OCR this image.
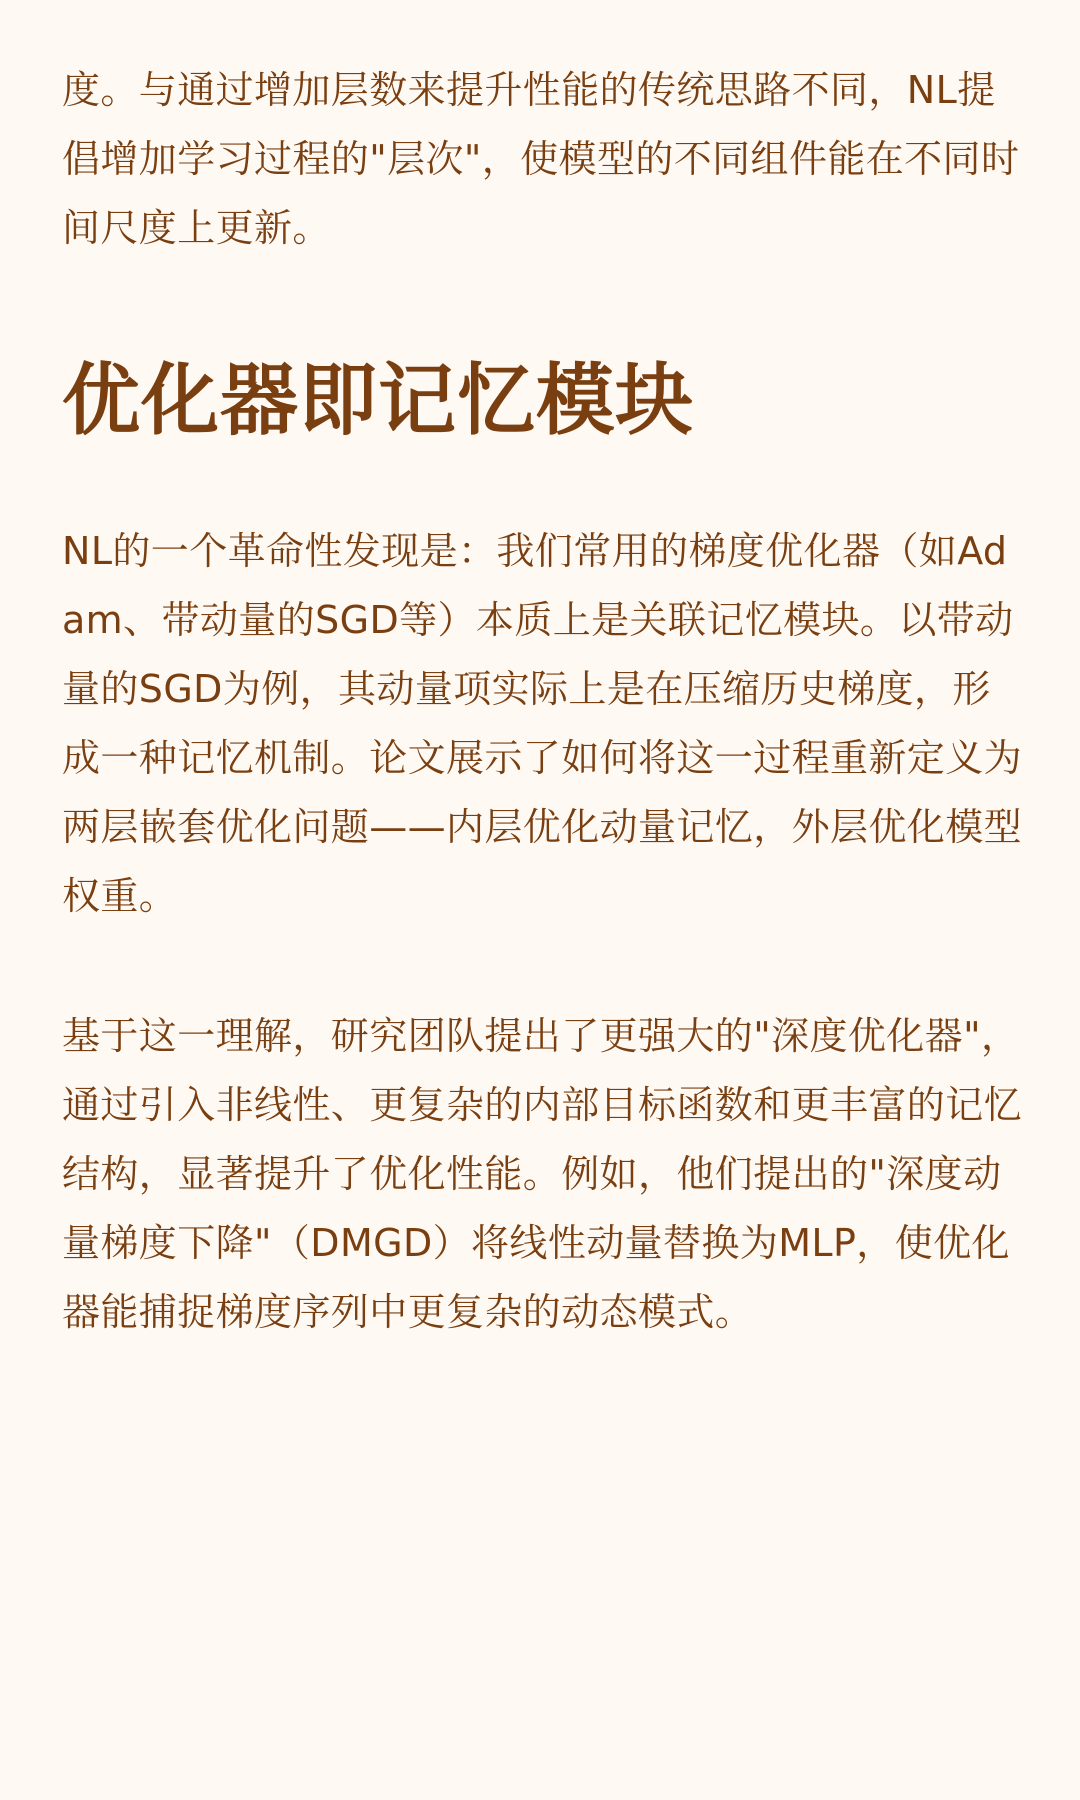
度。与通过增加层数来提升性能的传统思路不同，NL提倡增加学习过程的"层次"，使模型的不同组件能在不同时间尺度上更新。

优化器即记忆模块

NL的一个革命性发现是：我们常用的梯度优化器（如Adam、带动量的SGD等）本质上是关联记忆模块。以带动量的SGD为例，其动量项实际上是在压缩历史梯度，形成一种记忆机制。论文展示了如何将这一过程重新定义为两层嵌套优化问题——内层优化动量记忆，外层优化模型权重。

基于这一理解，研究团队提出了更强大的"深度优化器"，通过引入非线性、更复杂的内部目标函数和更丰富的记忆结构，显著提升了优化性能。例如，他们提出的"深度动量梯度下降"（DMGD）将线性动量替换为MLP，使优化器能捕捉梯度序列中更复杂的动态模式。
